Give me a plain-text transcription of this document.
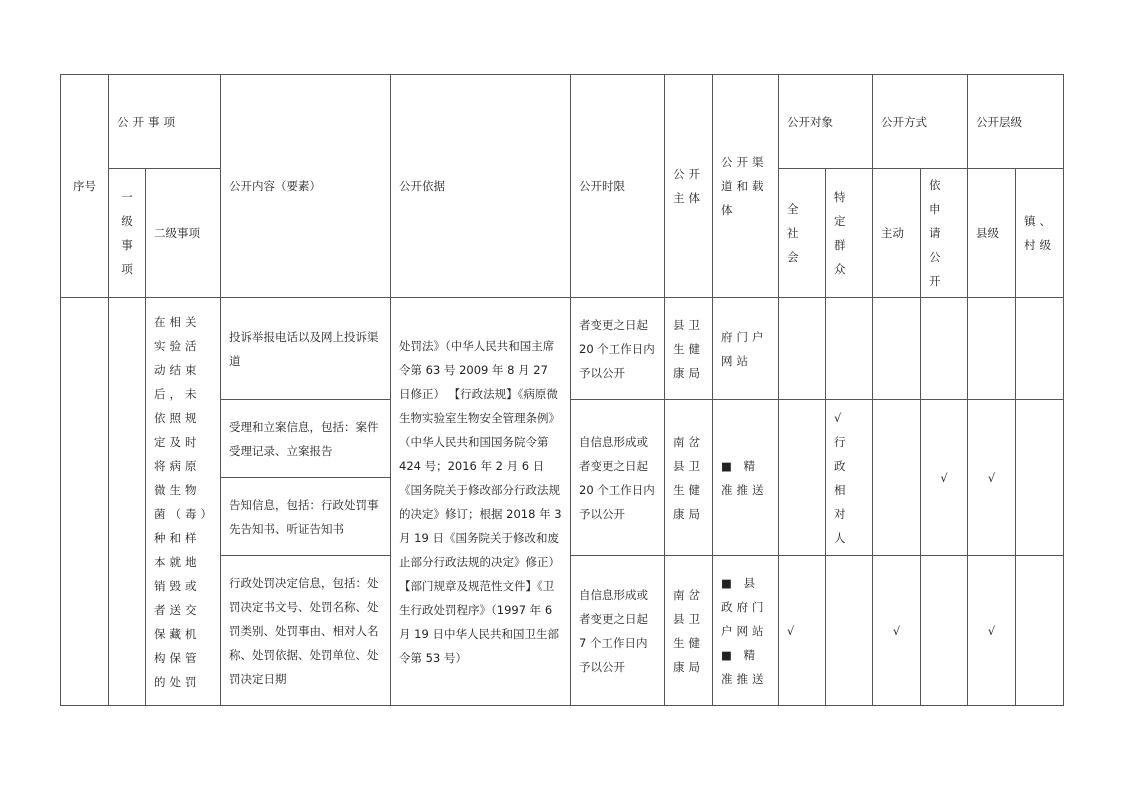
序号	公开事项		公开内容（要素）	公开依据	公开时限	公开主体	公开渠道和载体	公开对象		公开方式		公开层级	
	一级事项	二级事项						全社会	特定群众	主动	依申请公开	县级	镇、村级
		在相关实验活动结束后，未依照规定及时将病原微生物菌（毒）种和样本就地销毁或者送交保藏机构保管的处罚	投诉举报电话以及网上投诉渠道	处罚法》（中华人民共和国主席令第 63 号 2009 年 8 月 27 日修正） 【行政法规】《病原微生物实验室生物安全管理条例》（中华人民共和国国务院令第 424 号；2016 年 2 月 6 日《国务院关于修改部分行政法规的决定》修订；根据 2018 年 3 月 19 日《国务院关于修改和废止部分行政法规的决定》修正） 【部门规章及规范性文件】《卫生行政处罚程序》（1997 年 6 月 19 日中华人民共和国卫生部令第 53 号）	者变更之日起 20 个工作日内予以公开	县卫生健康局	府门户网站						
			受理和立案信息，包括：案件受理记录、立案报告		自信息形成或者变更之日起 20 个工作日内予以公开	南岔县卫生健康局	■ 精准推送		√ 行政相对人		√	√	
			告知信息，包括：行政处罚事先告知书、听证告知书										
			行政处罚决定信息，包括：处罚决定书文号、处罚名称、处罚类别、处罚事由、相对人名称、处罚依据、处罚单位、处罚决定日期		自信息形成或者变更之日起 7 个工作日内予以公开	南岔县卫生健康局	■ 县政府门户网站 ■ 精准推送	√		√		√	
